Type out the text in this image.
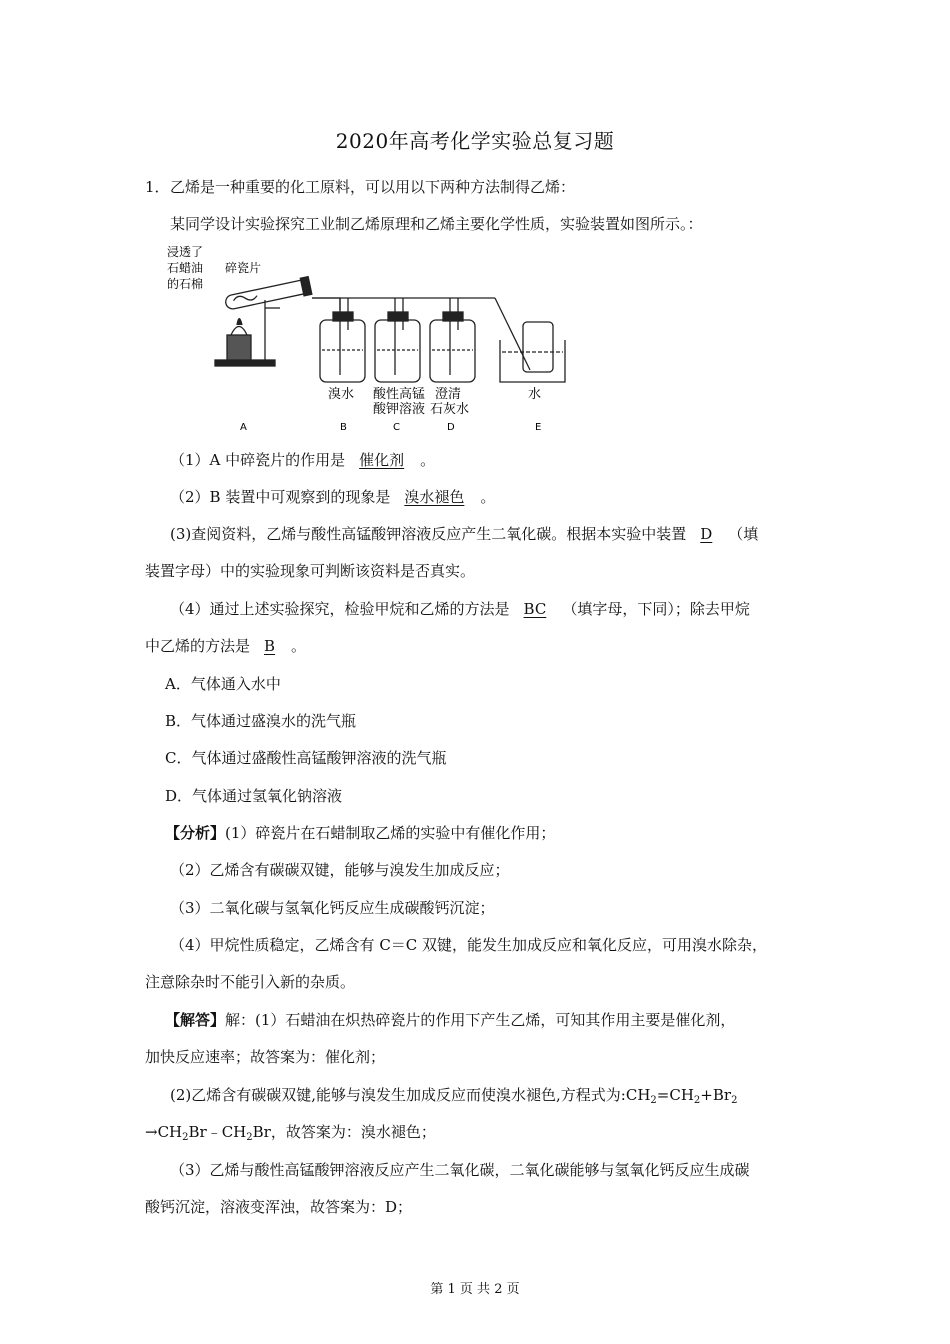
2020年高考化学实验总复习题
1． 乙烯是一种重要的化工原料，可以用以下两种方法制得乙烯：
某同学设计实验探究工业制乙烯原理和乙烯主要化学性质，实验装置如图所示。：
浸透了
石蜡油
的石棉
碎瓷片
溴水 酸性高锰
酸钾溶液
澄清
石灰水
水
A	B	C	D	E
（1）A 中碎瓷片的作用是 催化剂 。
（2）B 装置中可观察到的现象是 溴水褪色 。
(3)查阅资料，乙烯与酸性高锰酸钾溶液反应产生二氧化碳。根据本实验中装置 D （填
装置字母）中的实验现象可判断该资料是否真实。
（4）通过上述实验探究，检验甲烷和乙烯的方法是 BC （填字母，下同）；除去甲烷
中乙烯的方法是 B 。
A．气体通入水中
B．气体通过盛溴水的洗气瓶
C．气体通过盛酸性高锰酸钾溶液的洗气瓶
D．气体通过氢氧化钠溶液
【分析】(1）碎瓷片在石蜡制取乙烯的实验中有催化作用；
（2）乙烯含有碳碳双键，能够与溴发生加成反应；
（3）二氧化碳与氢氧化钙反应生成碳酸钙沉淀；
（4）甲烷性质稳定，乙烯含有 C＝C 双键，能发生加成反应和氧化反应，可用溴水除杂，
注意除杂时不能引入新的杂质。
【解答】解：(1）石蜡油在炽热碎瓷片的作用下产生乙烯，可知其作用主要是催化剂，
加快反应速率；故答案为：催化剂；
(2)乙烯含有碳碳双键,能够与溴发生加成反应而使溴水褪色,方程式为$:CH_2=CH_2+Br_2$
$\to CH_2Br﹣CH_2Br$，故答案为：溴水褪色；
（3）乙烯与酸性高锰酸钾溶液反应产生二氧化碳，二氧化碳能够与氢氧化钙反应生成碳
酸钙沉淀，溶液变浑浊，故答案为：D；
第 1 页 共 2 页
